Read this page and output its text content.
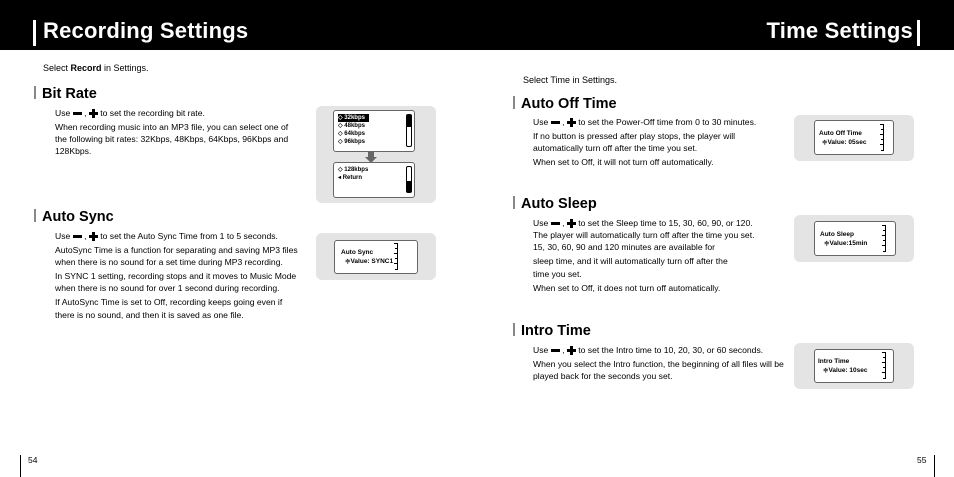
Recording Settings	Time Settings
Select Record in Settings.
Bit Rate

Use  ,  to set the recording bit rate.

When recording music into an MP3 file, you can select one of the following bit rates: 32Kbps, 48Kbps, 64Kbps, 96Kbps and 128Kbps.

◇ 32kbps
◇ 48kbps
◇ 64kbps
◇ 96kbps
◇ 128kbps
◂ Return
Auto Sync

Use  ,  to set the Auto Sync Time from 1 to 5 seconds.

AutoSync Time is a function for separating and saving MP3 files when there is no sound for a set time during MP3 recording.

In SYNC 1 setting, recording stops and it moves to Music Mode when there is no sound for over 1 second during recording.

If AutoSync Time is set to Off, recording keeps going even if there is no sound, and then it is saved as one file.

Auto Sync
≑Value: SYNC1
54
Select Time in Settings.
Auto Off Time

Use  ,  to set the Power-Off time from 0 to 30 minutes.

If no button is pressed after play stops, the player will automatically turn off after the time you set.

When set to Off, it will not turn off automatically.

Auto Off Time
≑Value: 05sec
Auto Sleep

Use  ,  to set the Sleep time to 15, 30, 60, 90, or 120.

The player will automatically turn off after the time you set.

15, 30, 60, 90 and 120 minutes are available for

sleep time, and it will automatically turn off after the

time you set.

When set to Off, it does not turn off automatically.

Auto Sleep
≑Value:15min
Intro Time

Use  ,  to set the Intro time to 10, 20, 30, or 60 seconds.

When you select the Intro function, the beginning of all files will be played back for the seconds you set.

Intro Time
≑Value: 10sec
55
